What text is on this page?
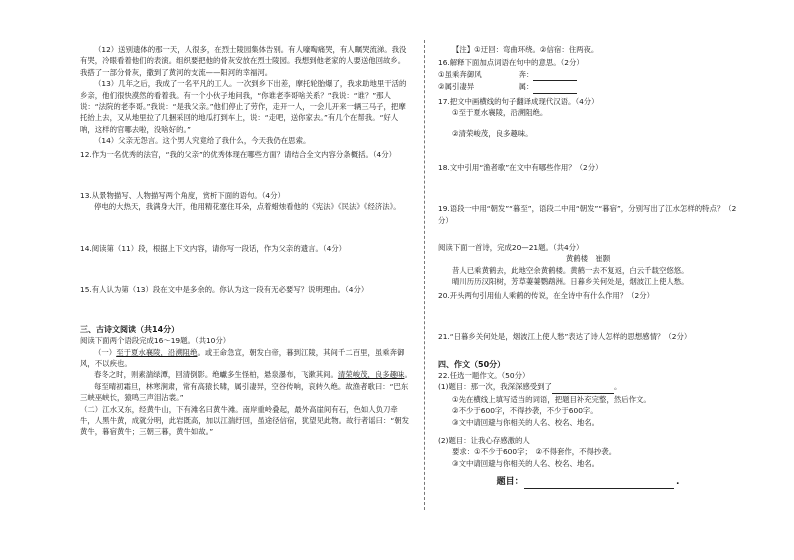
（12）送别遗体的那一天，人很多，在烈士陵园集体告别。有人嚎啕痛哭，有人瞩哭流涕。我没有哭，冷眼看着他们的表演。组织要把他的骨灰安放在烈士陵园。我想到他老家的人要送他回故乡。我搭了一部分骨灰，撒到了黄河的支流——阳河的幸福河。

（13）几年之后，我成了一名平凡的工人。一次到乡下出差，摩托轮胎爆了，我求助地里干活的乡亲，他们很快漠然的看着我。有一个小伙子地问我，“你谁老李哥啥关系？”我说：“谁？”那人说：“法院的老李哥。”我说：“是我父亲。”他们停止了劳作，走开一人，一会儿开来一辆三马子，把摩托抬上去，又从地里拉了几捆采回的地瓜打到车上，说：“走吧，送你家去。”有几个在帮我。“好人呐，这样的官哪去啦，没啥好的。”

（14）父亲无怨言。这个男人究竟给了我什么，今天我仍在思索。

12.作为一名优秀的法官，“我的父亲”的优秀体现在哪些方面？请结合全文内容分条概括。（4分）

13.从景物描写、人物描写两个角度，赏析下面的语句。（4分）

停电的大热天，我满身大汗，他用精花塞住耳朵，点着蜡烛看他的《宪法》《民法》《经济法》。

14.阅读第（11）段，根据上下文内容，请你写一段话，作为父亲的遗言。（4分）

15.有人认为第（13）段在文中是多余的。你认为这一段有无必要写？说明理由。（4分）

三、古诗文阅读（共14分）

阅读下面两个语段完成16～19题。（共10分）

（一）至于夏水襄陵，沿溯阻绝。或王命急宣，朝发白帝，暮到江陵，其间千二百里，虽乘奔御风，不以疾也。

春冬之时，则素湍绿潭，回清倒影。绝巘多生怪柏，悬泉瀑布，飞漱其间。清荣峻茂，良多趣味。

每至晴初霜旦，林寒涧肃，常有高猿长啸，属引凄异，空谷传响，哀转久绝。故渔者歌曰：“巴东三峡巫峡长，猿鸣三声泪沾裳。”

（二）江水又东，经黄牛山，下有滩名曰黄牛滩。南岸重岭叠起，最外高崖间有石，色如人负刀牵牛，人黑牛黄，成就分明，此岩既高，加以江湍纡回，虽途径信宿，犹望见此物。故行者谣曰：“朝发黄牛，暮宿黄牛；三朝三暮，黄牛如故。”

【注】①迂回：弯曲环绕。②信宿：住两夜。

16.解释下面加点词语在句中的意思。（2分）

①虽乘奔御风　　　　　	奔：

②属引凄异　　　　　　	属：

17.把文中画横线的句子翻译成现代汉语。（4分）

①至于夏水襄陵，沿溯阻绝。

②清荣峻茂，良多趣味。

18.文中引用“渔者歌”在文中有哪些作用？（2分）

19.语段一中用“朝发”“暮至”，语段二中用“朝发”“暮宿”，分别写出了江水怎样的特点？（2分）

阅读下面一首诗，完成20—21题。（共4分）

黄鹤楼　崔颢

昔人已乘黄鹤去，此地空余黄鹤楼。黄鹤一去不复返，白云千载空悠悠。

晴川历历汉阳树，芳草萋萋鹦鹉洲。日暮乡关何处是，烟波江上使人愁。

20.开头两句引用仙人乘鹤的传说，在全诗中有什么作用？（2分）

21.“日暮乡关何处是，烟波江上使人愁”表达了诗人怎样的思想感情？（2分）

四、作文（50分）

22.任选一题作文。（50分）

(1)题目：那一次，我深深感受到了	。

①先在横线上填写适当的词语，把题目补充完整，然后作文。

②不少于600字，不得抄袭，不少于600字。

③文中请回避与你相关的人名、校名、地名。

(2)题目：让我心存感激的人

要求：①不少于600字；　②不得套作，不得抄袭。

③文中请回避与你相关的人名、校名、地名。

题目：	.
